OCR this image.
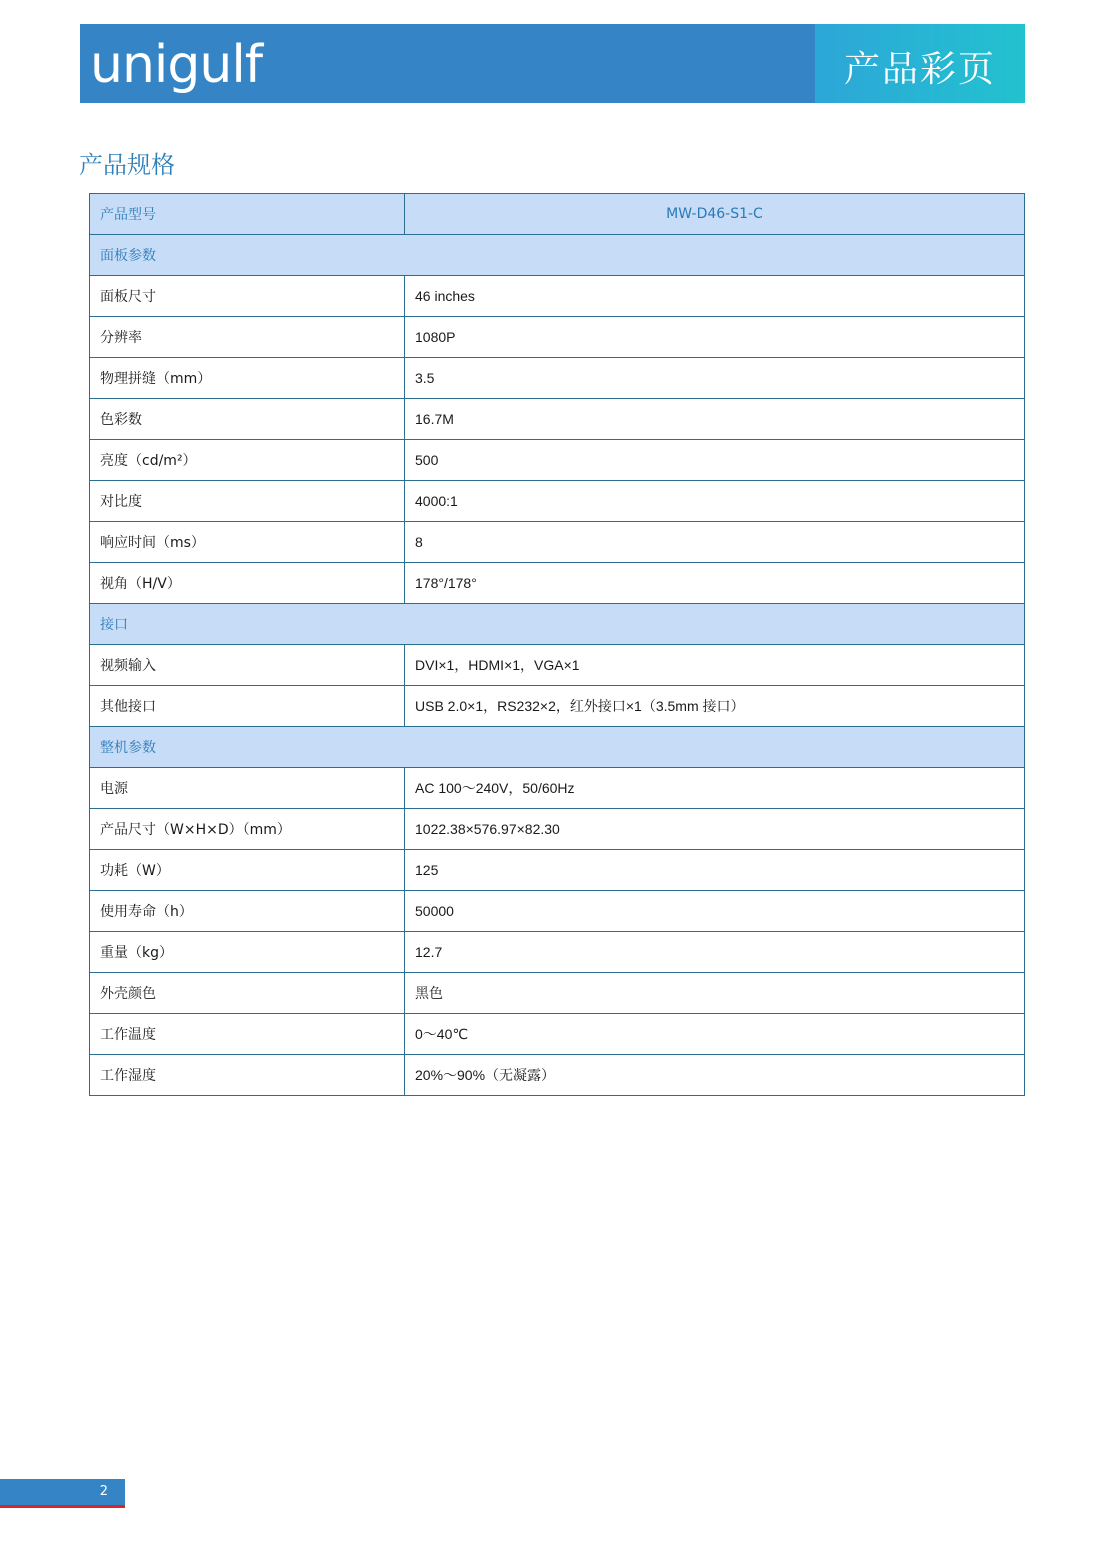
unigulf	产品彩页
产品规格
产品型号	MW-D46-S1-C
面板参数	
面板尺寸	46 inches
分辨率	1080P
物理拼缝（mm）	3.5
色彩数	16.7M
亮度（cd/m²）	500
对比度	4000:1
响应时间（ms）	8
视角（H/V）	178°/178°
接口	
视频输入	DVI×1，HDMI×1，VGA×1
其他接口	USB 2.0×1，RS232×2，红外接口×1（3.5mm 接口）
整机参数	
电源	AC 100～240V，50/60Hz
产品尺寸（W×H×D）（mm）	1022.38×576.97×82.30
功耗（W）	125
使用寿命（h）	50000
重量（kg）	12.7
外壳颜色	黑色
工作温度	0～40℃
工作湿度	20%～90%（无凝露）
2
